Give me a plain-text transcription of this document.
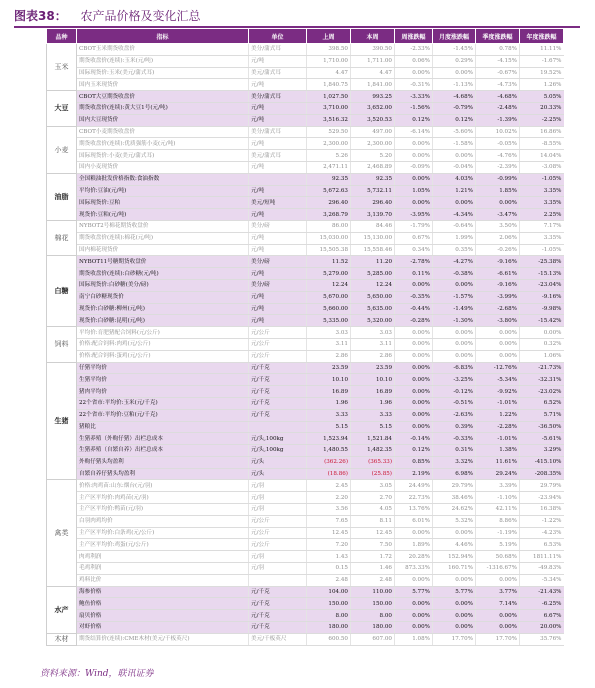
图表38： 农产品价格及变化汇总
品种	指标	单位	上周	本周	周涨跌幅	月度涨跌幅	季度涨跌幅	年度涨跌幅
玉米	CBOT玉米期货收盘价	美分/蒲式耳	398.50	390.50	-2.33%	-1.45%	0.78%	11.11%
	期货收盘价(连续):玉米(元/吨)	元/吨	1,710.00	1,711.00	0.06%	0.29%	-4.15%	-1.67%
	国际现货价:玉米(美元/蒲式耳)	美元/蒲式耳	4.47	4.47	0.00%	0.00%	-0.67%	19.52%
	国内玉米现货价	元/吨	1,840.75	1,841.00	-0.31%	-1.13%	-4.73%	1.26%
大豆	CBOT大豆期货收盘价	美分/蒲式耳	1,027.50	993.25	-3.33%	-4.68%	-4.68%	5.05%
	期货收盘价(连续):黄大豆1号(元/吨)	元/吨	3,710.00	3,652.00	-1.56%	-0.79%	-2.48%	20.33%
	国内大豆现货价	元/吨	3,516.32	3,520.53	0.12%	0.12%	-1.39%	-2.25%
小麦	CBOT小麦期货收盘价	美分/蒲式耳	529.50	497.00	-6.14%	-5.60%	10.02%	16.86%
	期货收盘价(连续):优质强筋小麦(元/吨)	元/吨	2,300.00	2,300.00	0.00%	-1.58%	-0.05%	-8.55%
	国际现货价:小麦(美元/蒲式耳)	美元/蒲式耳	5.26	5.20	0.00%	0.00%	-4.76%	14.04%
	国内小麦现货价	元/吨	2,471.11	2,468.89	-0.09%	-0.04%	-2.39%	-3.08%
油脂	全国粮油批发价格指数:食油指数		92.35	92.35	0.00%	4.03%	-0.99%	-1.05%
	平均价:豆油(元/吨)	元/吨	5,672.63	5,732.11	1.05%	1.21%	1.85%	3.35%
	国际现货价:豆粕	美元/短吨	296.40	296.40	0.00%	0.00%	0.00%	3.35%
	现货价:豆粕(元/吨)	元/吨	3,268.79	3,139.70	-3.95%	-4.34%	-3.47%	2.25%
棉花	NYBOT2号棉花期货收盘价	美分/磅	86.00	84.46	-1.79%	-0.64%	3.50%	7.17%
	期货收盘价(连续):棉花(元/吨)	元/吨	15,030.00	15,130.00	0.67%	1.99%	2.06%	3.35%
	国内棉花现货价	元/吨	15,505.38	15,558.46	0.34%	0.35%	-0.26%	-1.05%
白糖	NYBOT11号糖期货收盘价	美分/磅	11.52	11.20	-2.78%	-4.27%	-9.16%	-25.38%
	期货收盘价(连续):白砂糖(元/吨)	元/吨	5,279.00	5,285.00	0.11%	-0.38%	-6.61%	-15.13%
	国际现货价:白砂糖(美分/磅)	美分/磅	12.24	12.24	0.00%	0.00%	-9.16%	-23.04%
	南宁白砂糖现货价	元/吨	5,670.00	5,650.00	-0.35%	-1.57%	-3.99%	-9.16%
	现货价:白砂糖:柳州(元/吨)	元/吨	5,660.00	5,635.00	-0.44%	-1.49%	-2.68%	-9.98%
	现货价:白砂糖:昆明(元/吨)	元/吨	5,335.00	5,320.00	-0.28%	-1.30%	-3.80%	-15.42%
饲料	平均价:育肥猪配合饲料(元/公斤)	元/公斤	3.03	3.03	0.00%	0.00%	0.00%	0.00%
	价格:配合饲料:肉鸡(元/公斤)	元/公斤	3.11	3.11	0.00%	0.00%	0.00%	0.32%
	价格:配合饲料:蛋鸡(元/公斤)	元/公斤	2.86	2.86	0.00%	0.00%	0.00%	1.06%
生猪	仔猪平均价	元/千克	23.59	23.59	0.00%	-6.83%	-12.76%	-21.73%
	生猪平均价	元/千克	10.10	10.10	0.00%	-3.25%	-5.34%	-32.31%
	猪肉平均价	元/千克	16.89	16.89	0.00%	-0.12%	-9.92%	-23.02%
	22个省市:平均价:玉米(元/千克)	元/千克	1.96	1.96	0.00%	-0.51%	-1.01%	6.52%
	22个省市:平均价:豆粕(元/千克)	元/千克	3.33	3.33	0.00%	-2.63%	1.22%	5.71%
	猪粮比		5.15	5.15	0.00%	0.39%	-2.28%	-36.50%
	生猪养殖（外购仔猪）出栏总成本	元/头,100kg	1,523.94	1,521.84	-0.14%	-0.33%	-1.01%	-5.61%
	生猪养殖（自繁自养）出栏总成本	元/头,100kg	1,480.55	1,482.35	0.12%	0.31%	1.38%	3.29%
	外购仔猪头均盈利	元/头	(362.26)	(365.33)	0.85%	3.32%	11.61%	-415.10%
	自繁自养仔猪头均盈利	元/头	(18.86)	(25.85)	2.19%	6.98%	29.24%	-208.35%
禽类	价格:肉鸡苗:山东:烟台(元/羽)	元/羽	2.45	3.05	24.49%	29.79%	3.39%	29.79%
	主产区平均价:肉鸡苗(元/羽)	元/羽	2.20	2.70	22.73%	38.46%	-1.10%	-23.94%
	主产区平均价:鸭苗(元/羽)	元/羽	3.56	4.05	13.76%	24.62%	42.11%	16.38%
	白羽肉鸡均价	元/公斤	7.65	8.11	6.01%	5.32%	8.86%	-1.22%
	主产区平均价:白条鸡(元/公斤)	元/公斤	12.45	12.45	0.00%	0.00%	-1.19%	-4.23%
	主产区平均价:鸡蛋(元/公斤)	元/公斤	7.20	7.50	1.89%	4.46%	5.19%	6.53%
	肉鸡利润	元/羽	1.43	1.72	20.28%	152.94%	50.68%	1811.11%
	毛鸡利润	元/羽	0.15	1.46	873.33%	160.71%	-1316.67%	-49.83%
	鸡料比价		2.48	2.48	0.00%	0.00%	0.00%	-5.34%
水产	海参价格	元/千克	104.00	110.00	5.77%	5.77%	3.77%	-21.43%
	鲍鱼价格	元/千克	150.00	150.00	0.00%	0.00%	7.14%	-6.25%
	扇贝价格	元/千克	8.00	8.00	0.00%	0.00%	0.00%	6.67%
	对虾价格	元/千克	180.00	180.00	0.00%	0.00%	0.00%	20.00%
木材	期货结算价(连续):CME木材(美元/千板英尺)	美元/千板英尺	600.50	607.00	1.08%	17.70%	17.70%	35.76%
资料来源：Wind，联讯证券
